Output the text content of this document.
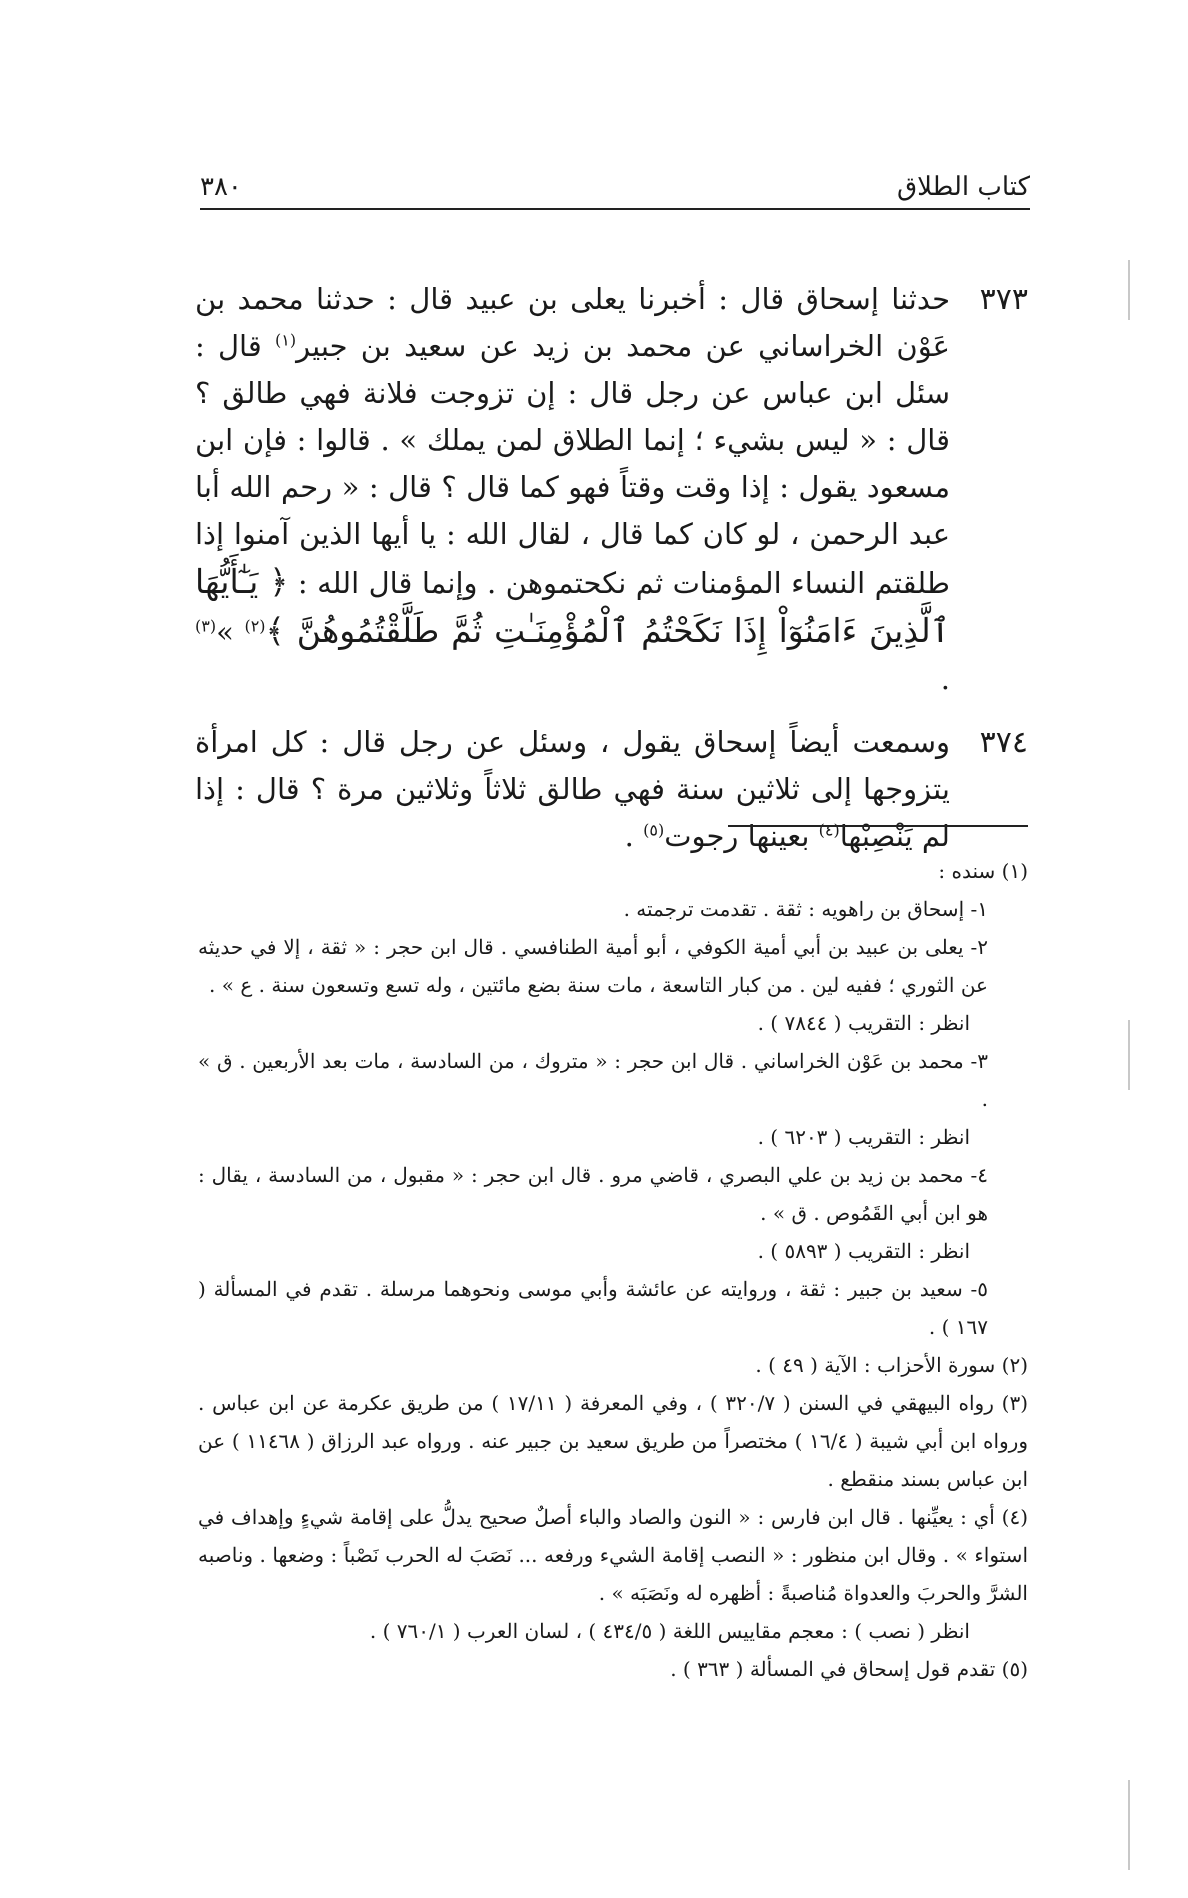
كتاب الطلاق
٣٨٠
٣٧٣
حدثنا إسحاق قال : أخبرنا يعلى بن عبيد قال : حدثنا محمد بن عَوْن الخراساني عن محمد بن زيد عن سعيد بن جبير$^{(١)}$ قال : سئل ابن عباس عن رجل قال : إن تزوجت فلانة فهي طالق ؟ قال : « ليس بشيء ؛ إنما الطلاق لمن يملك » . قالوا : فإن ابن مسعود يقول : إذا وقت وقتاً فهو كما قال ؟ قال : « رحم الله أبا عبد الرحمن ، لو كان كما قال ، لقال الله : يا أيها الذين آمنوا إذا طلقتم النساء المؤمنات ثم نكحتموهن . وإنما قال الله : ﴿ يَـٰٓأَيُّهَا ٱلَّذِينَ ءَامَنُوٓاْ إِذَا نَكَحْتُمُ ٱلْمُؤْمِنَـٰتِ ثُمَّ طَلَّقْتُمُوهُنَّ ﴾$^{(٢)}$ »$^{(٣)}$ .
٣٧٤
وسمعت أيضاً إسحاق يقول ، وسئل عن رجل قال : كل امرأة يتزوجها إلى ثلاثين سنة فهي طالق ثلاثاً وثلاثين مرة ؟ قال : إذا لم يَنْصِبْها$^{(٤)}$ بعينها رجوت$^{(٥)}$ .
(١) سنده :
١- إسحاق بن راهويه : ثقة . تقدمت ترجمته .
٢- يعلى بن عبيد بن أبي أمية الكوفي ، أبو أمية الطنافسي . قال ابن حجر : « ثقة ، إلا في حديثه عن الثوري ؛ ففيه لين . من كبار التاسعة ، مات سنة بضع مائتين ، وله تسع وتسعون سنة . ع » .
انظر : التقريب ( ٧٨٤٤ ) .
٣- محمد بن عَوْن الخراساني . قال ابن حجر : « متروك ، من السادسة ، مات بعد الأربعين . ق » .
انظر : التقريب ( ٦٢٠٣ ) .
٤- محمد بن زيد بن علي البصري ، قاضي مرو . قال ابن حجر : « مقبول ، من السادسة ، يقال : هو ابن أبي القَمُوص . ق » .
انظر : التقريب ( ٥٨٩٣ ) .
٥- سعيد بن جبير : ثقة ، وروايته عن عائشة وأبي موسى ونحوهما مرسلة . تقدم في المسألة ( ١٦٧ ) .
(٢) سورة الأحزاب : الآية ( ٤٩ ) .
(٣) رواه البيهقي في السنن ( ٣٢٠/٧ ) ، وفي المعرفة ( ١٧/١١ ) من طريق عكرمة عن ابن عباس . ورواه ابن أبي شيبة ( ١٦/٤ ) مختصراً من طريق سعيد بن جبير عنه . ورواه عبد الرزاق ( ١١٤٦٨ ) عن ابن عباس بسند منقطع .
(٤) أي : يعيِّنها . قال ابن فارس : « النون والصاد والباء أصلٌ صحيح يدلُّ على إقامة شيءٍ وإهداف في استواء » . وقال ابن منظور : « النصب إقامة الشيء ورفعه ... نَصَبَ له الحرب نَصْباً : وضعها . وناصبه الشرَّ والحربَ والعدواة مُناصبةً : أظهره له ونَصَبَه » .
انظر ( نصب ) : معجم مقاييس اللغة ( ٤٣٤/٥ ) ، لسان العرب ( ٧٦٠/١ ) .
(٥) تقدم قول إسحاق في المسألة ( ٣٦٣ ) .
